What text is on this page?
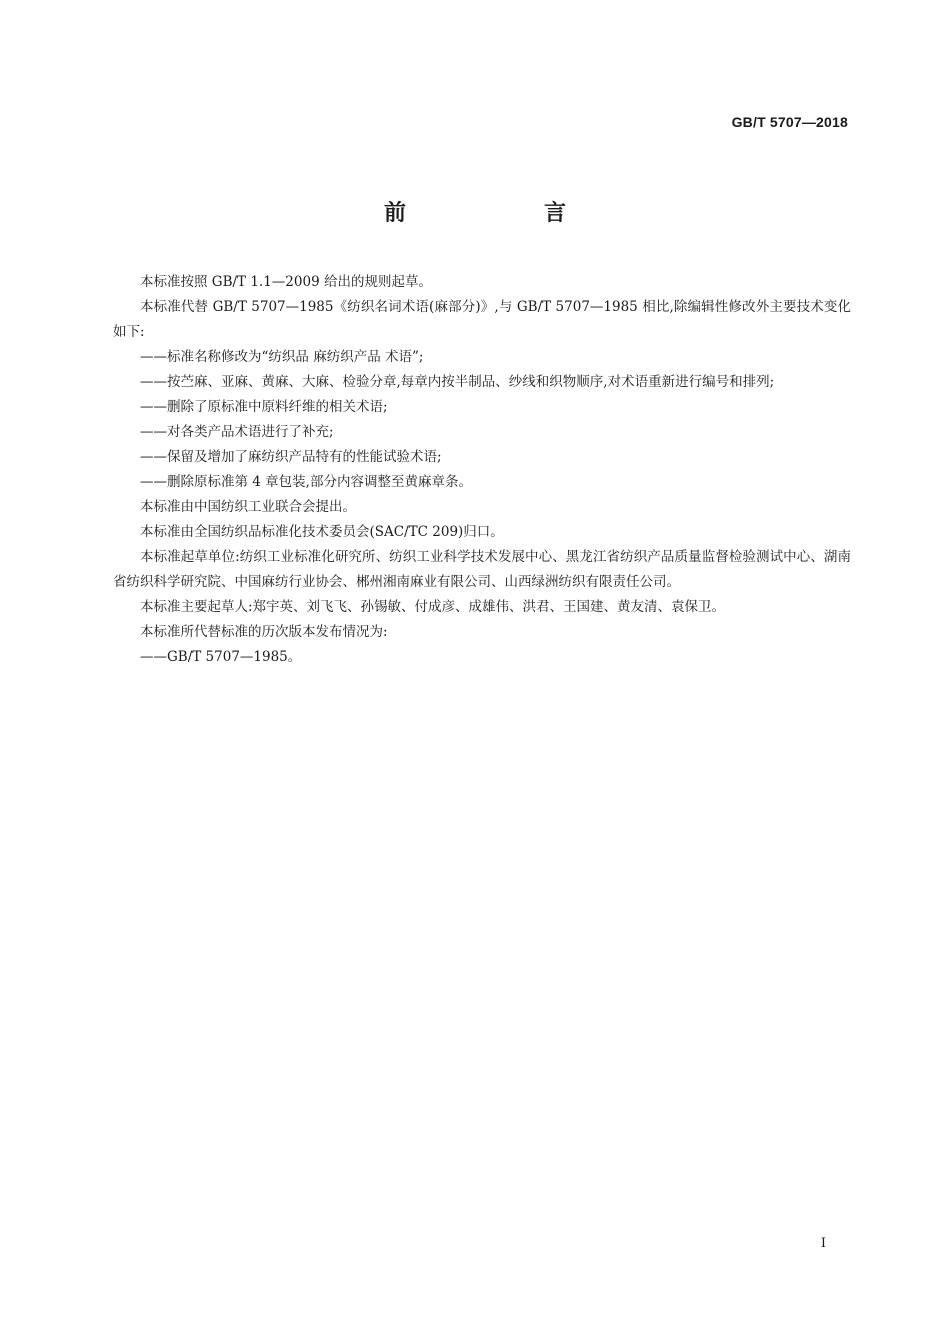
GB/T 5707—2018
前　言

本标准按照 GB/T 1.1—2009 给出的规则起草。

本标准代替 GB/T 5707—1985《纺织名词术语(麻部分)》,与 GB/T 5707—1985 相比,除编辑性修改外主要技术变化如下:

——标准名称修改为“纺织品 麻纺织产品 术语”;

——按苎麻、亚麻、黄麻、大麻、检验分章,每章内按半制品、纱线和织物顺序,对术语重新进行编号和排列;

——删除了原标准中原料纤维的相关术语;

——对各类产品术语进行了补充;

——保留及增加了麻纺织产品特有的性能试验术语;

——删除原标准第 4 章包装,部分内容调整至黄麻章条。

本标准由中国纺织工业联合会提出。

本标准由全国纺织品标准化技术委员会(SAC/TC 209)归口。

本标准起草单位:纺织工业标准化研究所、纺织工业科学技术发展中心、黑龙江省纺织产品质量监督检验测试中心、湖南省纺织科学研究院、中国麻纺行业协会、郴州湘南麻业有限公司、山西绿洲纺织有限责任公司。

本标准主要起草人:郑宇英、刘飞飞、孙锡敏、付成彦、成雄伟、洪君、王国建、黄友清、袁保卫。

本标准所代替标准的历次版本发布情况为:

——GB/T 5707—1985。

I
